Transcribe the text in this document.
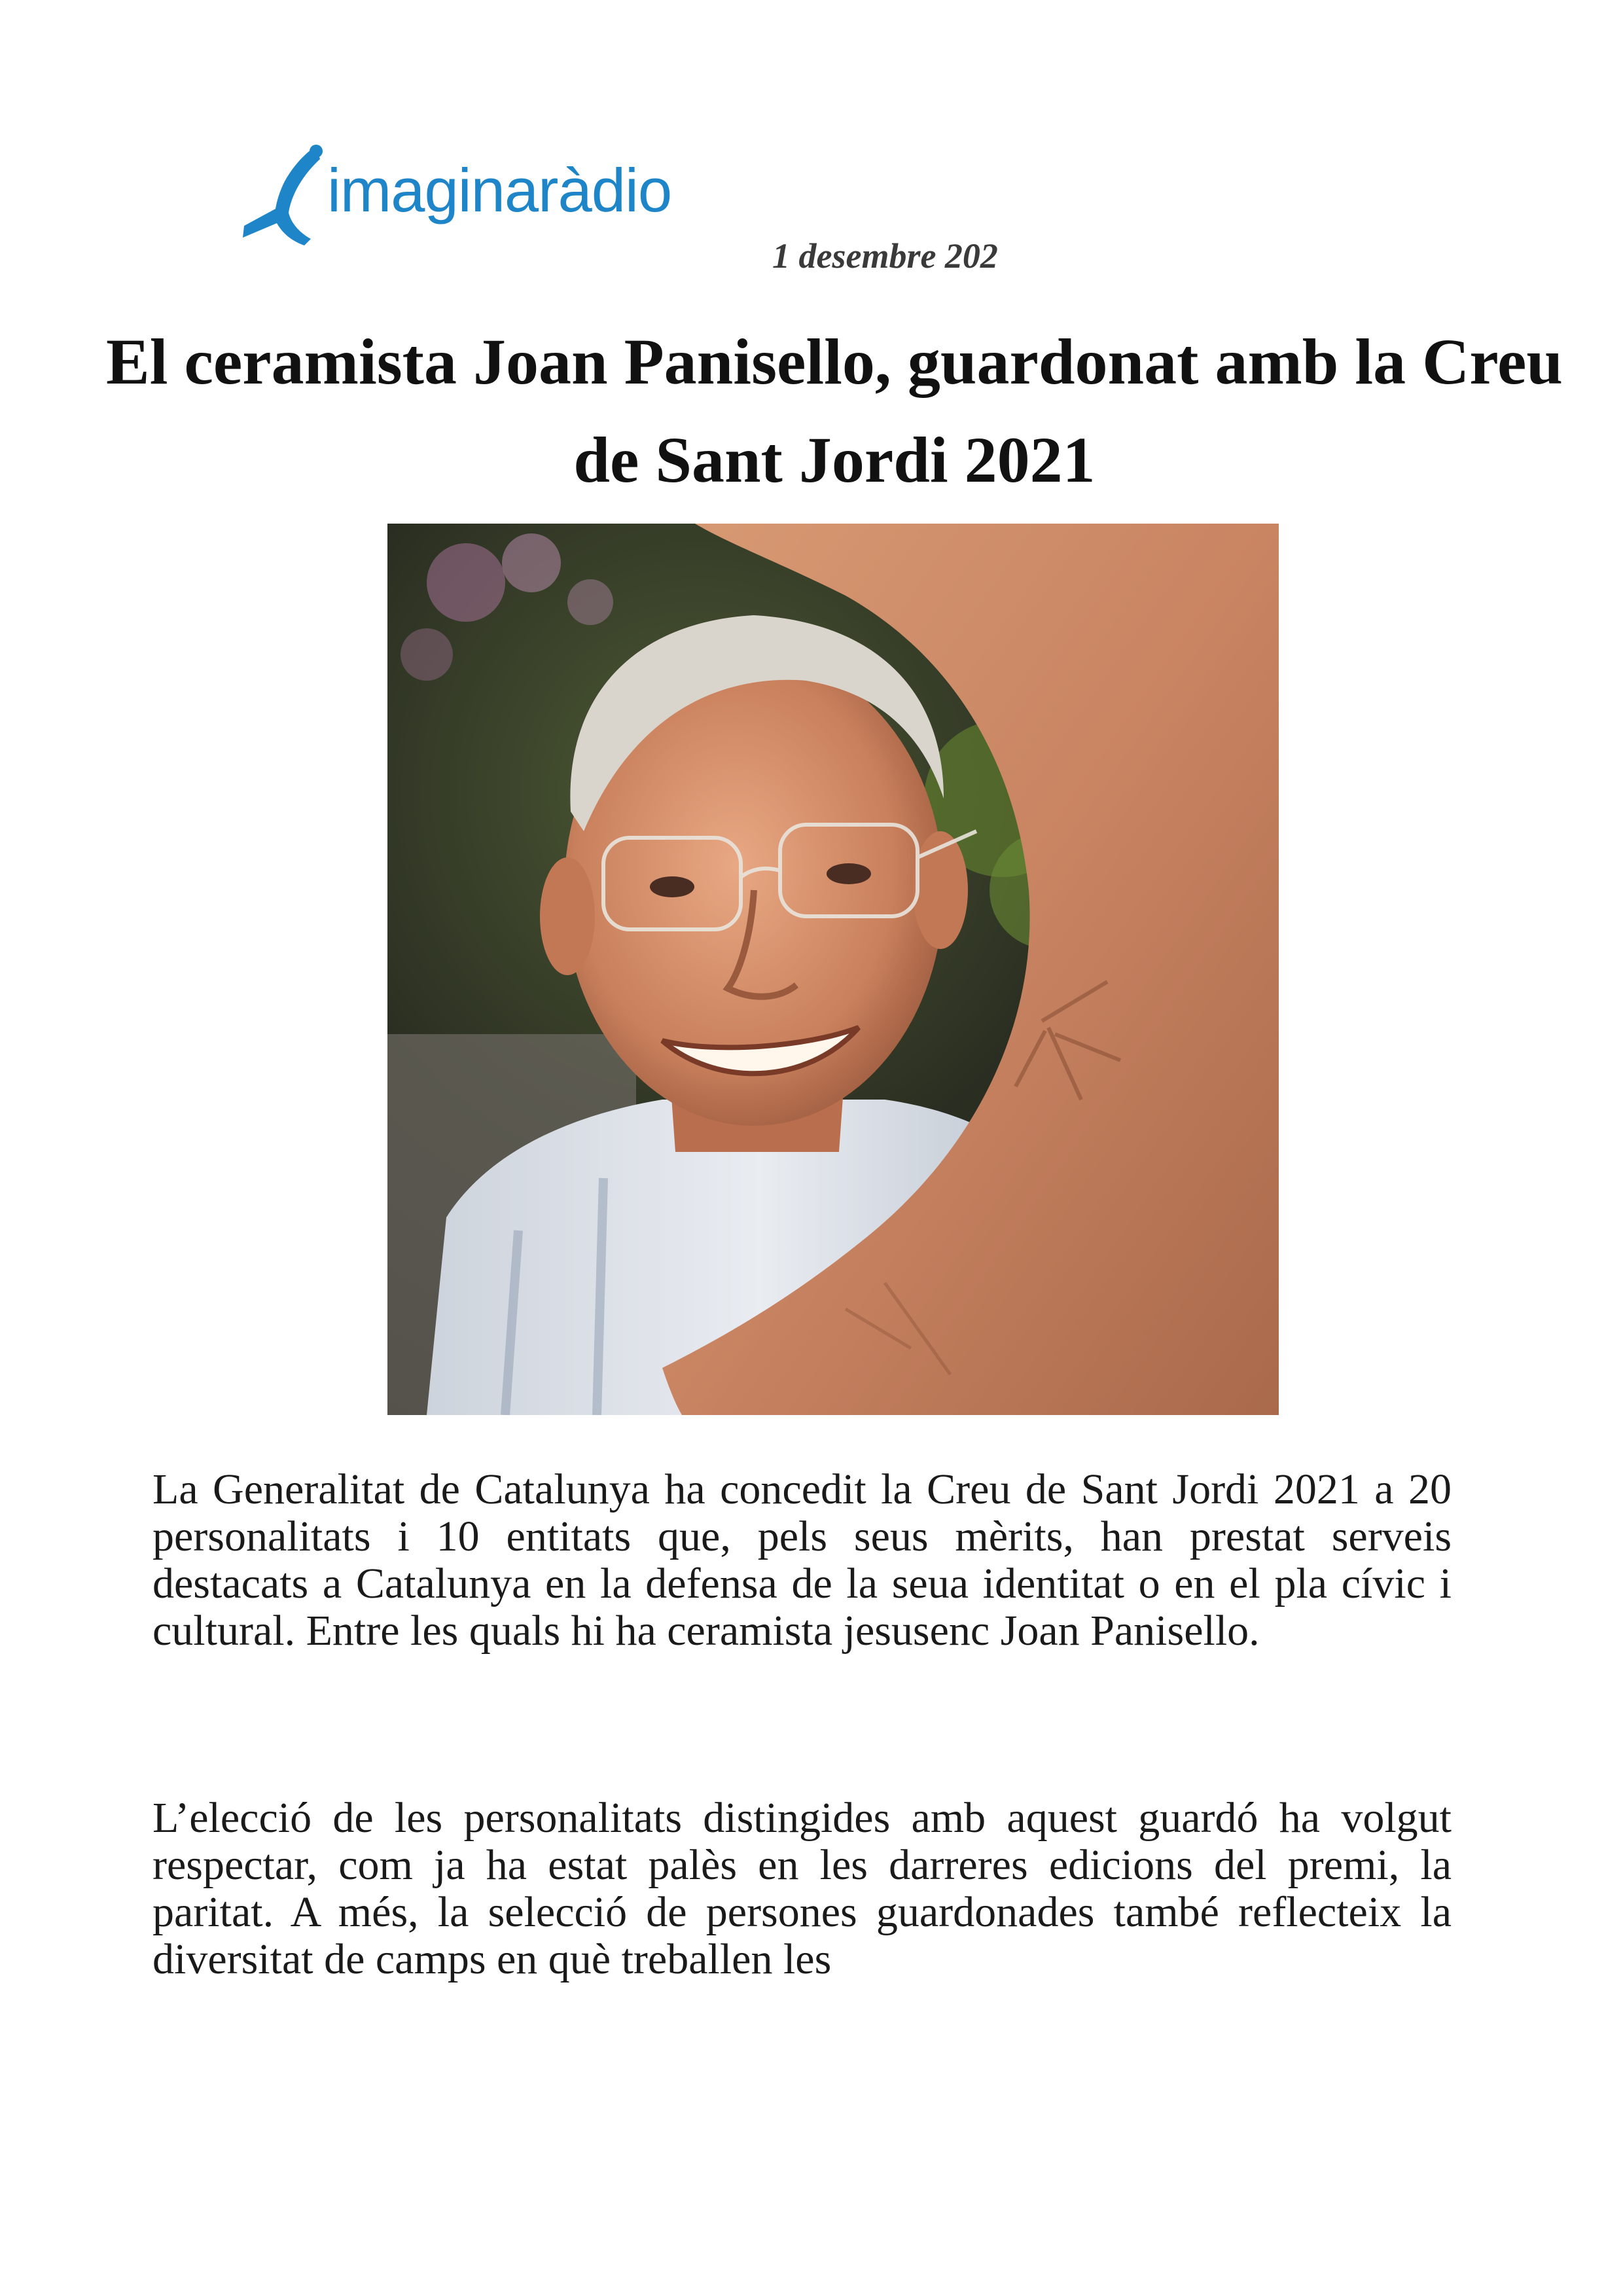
imaginaràdio
1 desembre 202
El ceramista Joan Panisello, guardonat amb la Creu de Sant Jordi 2021

La Generalitat de Catalunya ha concedit la Creu de Sant Jordi 2021 a 20 personalitats i 10 entitats que, pels seus mèrits, han prestat serveis destacats a Catalunya en la defensa de la seua identitat o en el pla cívic i cultural. Entre les quals hi ha ceramista jesusenc Joan Panisello.

L’elecció de les personalitats distingides amb aquest guardó ha volgut respectar, com ja ha estat palès en les darreres edicions del premi, la paritat. A més, la selecció de persones guardonades també reflecteix la diversitat de camps en què treballen les
